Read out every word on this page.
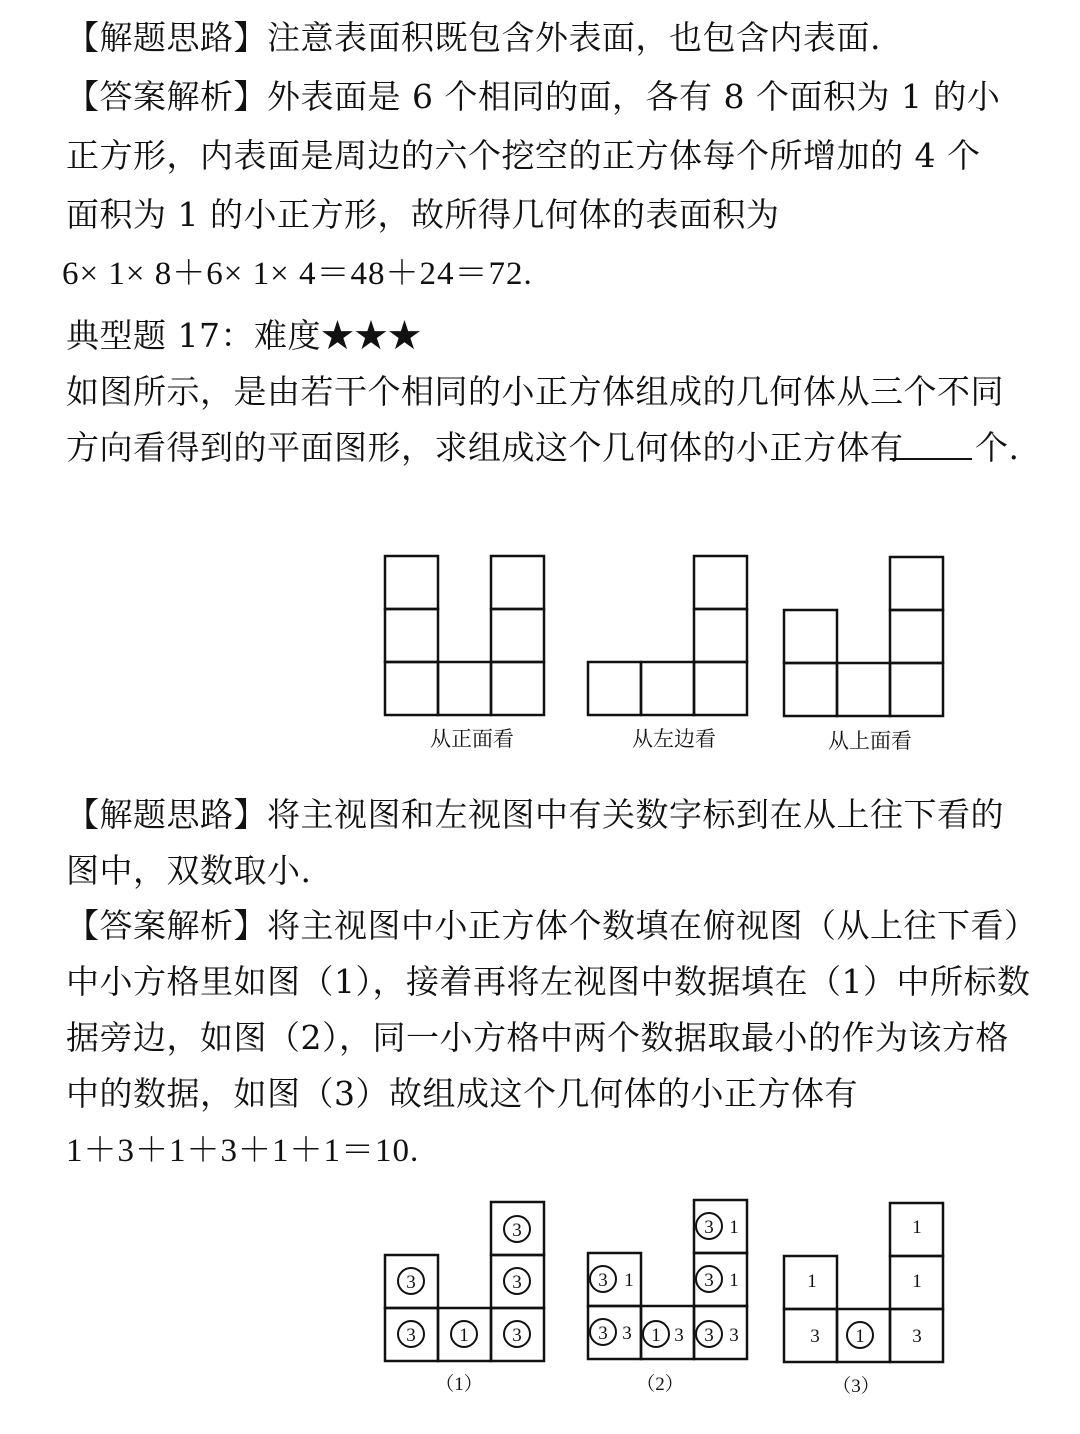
【解题思路】注意表面积既包含外表面，也包含内表面.
【答案解析】外表面是 6 个相同的面，各有 8 个面积为 1 的小
正方形，内表面是周边的六个挖空的正方体每个所增加的 4 个
面积为 1 的小正方形，故所得几何体的表面积为
6× 1× 8＋6× 1× 4＝48＋24＝72.
典型题 17：难度★★★
如图所示，是由若干个相同的小正方体组成的几何体从三个不同
方向看得到的平面图形，求组成这个几何体的小正方体有 个.
【解题思路】将主视图和左视图中有关数字标到在从上往下看的
图中，双数取小.
【答案解析】将主视图中小正方体个数填在俯视图（从上往下看）
中小方格里如图（1），接着再将左视图中数据填在（1）中所标数
据旁边，如图（2），同一小方格中两个数据取最小的作为该方格
中的数据，如图（3）故组成这个几何体的小正方体有
1＋3＋1＋3＋1＋1＝10.
从正面看	从左边看	从上面看
3
3	3
3 1 3
（1）
3 1
3 1	3 1
3 3 1 3 3 3
（2）
1
1	1
3 1	3
（3）
